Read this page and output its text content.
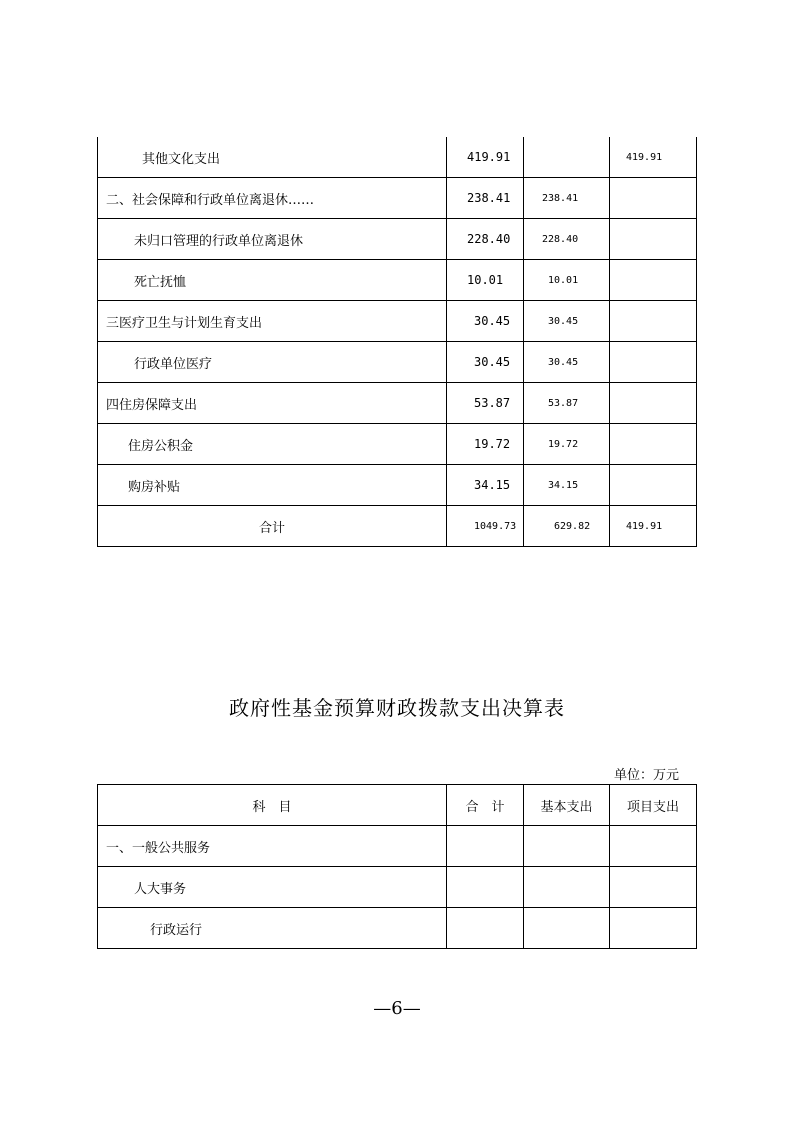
其他文化支出	419.91		419.91
二、社会保障和行政单位离退休……	238.41	238.41	
未归口管理的行政单位离退休	228.40	228.40	
死亡抚恤	10.01	10.01	
三医疗卫生与计划生育支出	30.45	30.45	
行政单位医疗	30.45	30.45	
四住房保障支出	53.87	53.87	
住房公积金	19.72	19.72	
购房补贴	34.15	34.15	
合计	1049.73	629.82	419.91
政府性基金预算财政拨款支出决算表
单位：万元
科　目	合　计	基本支出	项目支出
一、一般公共服务			
人大事务			
行政运行			
—6—
